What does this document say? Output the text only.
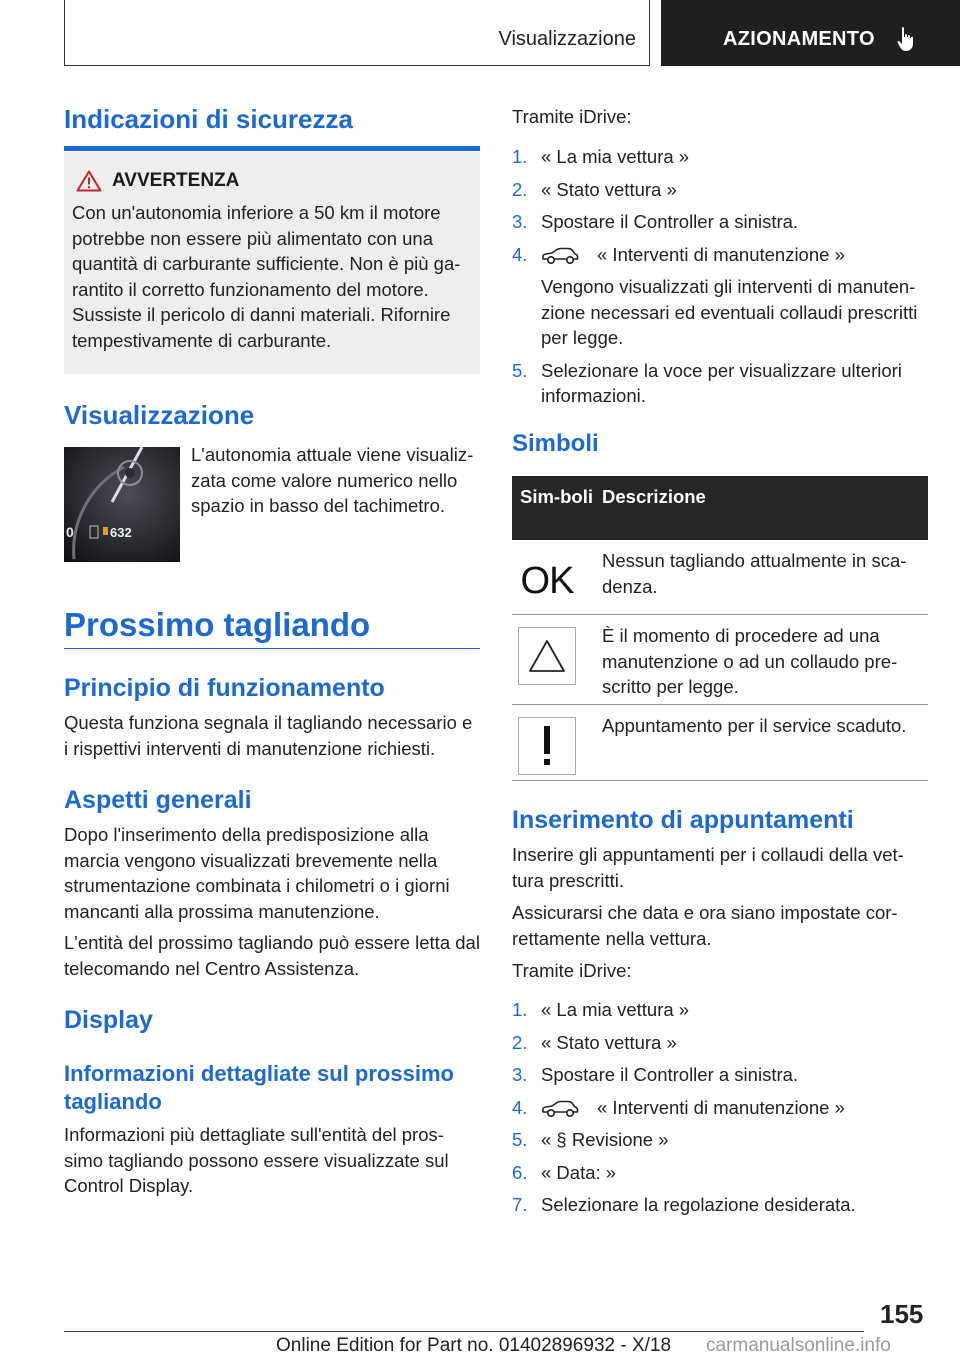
Visualizzazione	AZIONAMENTO
Indicazioni di sicurezza
AVVERTENZA
Con un'autonomia inferiore a 50 km il motore potrebbe non essere più alimentato con una quantità di carburante sufficiente. Non è più ga-rantito il corretto funzionamento del motore. Sussiste il pericolo di danni materiali. Rifornire tempestivamente di carburante.
Visualizzazione
0	632
L'autonomia attuale viene visualiz-zata come valore numerico nello spazio in basso del tachimetro.
Prossimo tagliando
Principio di funzionamento
Questa funziona segnala il tagliando necessario e i rispettivi interventi di manutenzione richiesti.
Aspetti generali
Dopo l'inserimento della predisposizione alla marcia vengono visualizzati brevemente nella strumentazione combinata i chilometri o i giorni mancanti alla prossima manutenzione.
L'entità del prossimo tagliando può essere letta dal telecomando nel Centro Assistenza.
Display
Informazioni dettagliate sul prossimo tagliando
Informazioni più dettagliate sull'entità del pros-simo tagliando possono essere visualizzate sul Control Display.
Tramite iDrive:
1. « La mia vettura »
2. « Stato vettura »
3. Spostare il Controller a sinistra.
4.	« Interventi di manutenzione »
Vengono visualizzati gli interventi di manuten-zione necessari ed eventuali collaudi prescritti per legge.
5. Selezionare la voce per visualizzare ulteriori informazioni.
Simboli
Sim-boli Descrizione
OK	Nessun tagliando attualmente in sca-denza.
È il momento di procedere ad una manutenzione o ad un collaudo pre-scritto per legge.
Appuntamento per il service scaduto.
Inserimento di appuntamenti
Inserire gli appuntamenti per i collaudi della vet-tura prescritti.
Assicurarsi che data e ora siano impostate cor-rettamente nella vettura.
Tramite iDrive:
1. « La mia vettura »
2. « Stato vettura »
3. Spostare il Controller a sinistra.
4.	« Interventi di manutenzione »
5. « § Revisione »
6. « Data: »
7. Selezionare la regolazione desiderata.
155
Online Edition for Part no. 01402896932 - X/18 carmanualsonline.info
